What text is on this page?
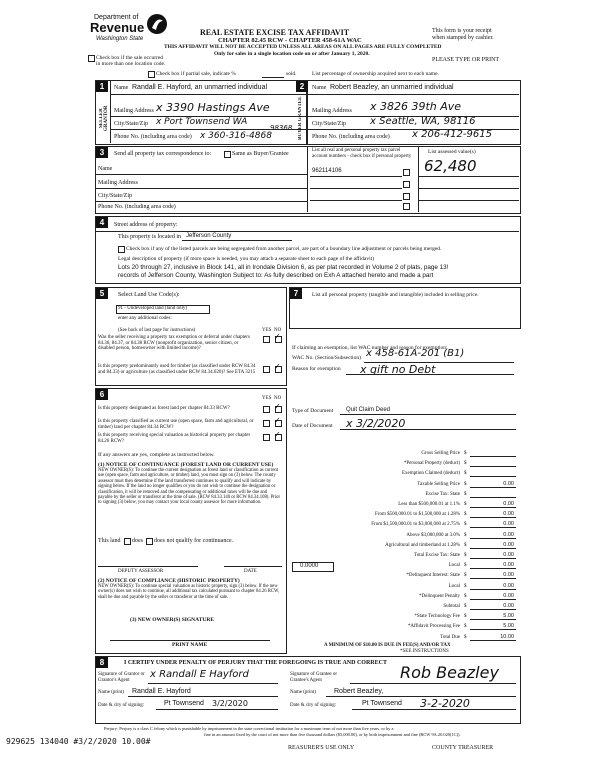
Department of
Revenue
Washington State
REAL ESTATE EXCISE TAX AFFIDAVIT
CHAPTER 82.45 RCW - CHAPTER 458-61A WAC
THIS AFFIDAVIT WILL NOT BE ACCEPTED UNLESS ALL AREAS ON ALL PAGES ARE FULLY COMPLETED
Only for sales in a single location code on or after January 1, 2020.
This form is your receipt
when stamped by cashier.
PLEASE TYPE OR PRINT
Check box if the sale occurred
in more than one location code.
Check box if partial sale, indicate %	sold.	List percentage of ownership acquired next to each name.
1
SELLER GRANTOR
Name Randall E. Hayford, an unmarried individual
Mailing Address x 3390 Hastings Ave
City/State/Zip x Port Townsend WA
98368
Phone No. (including area code) x 360-316-4868
2
BUYER GRANTEE
Name Robert Beazley, an unmarried individual
Mailing Address x 3826 39th Ave
City/State/Zip x Seattle, WA, 98116
Phone No. (including area code) x 206-412-9615
3	Send all property tax correspondence to:	Same as Buyer/Grantee
List all real and personal property tax parcel account numbers - check box if personal property
List assessed value(s)
Name
Mailing Address
City/State/Zip
Phone No. (including area code)
962114106	62,480
4	Street address of property:
This property is located in Jefferson County
Check box if any of the listed parcels are being segregated from another parcel, are part of a boundary line adjustment or parcels being merged.
Legal description of property (if more space is needed, you may attach a separate sheet to each page of the affidavit)
Lots 20 through 27, inclusive in Block 141, all in Irondale Division 6, as per plat recorded in Volume 2 of plats, page 13!
records of Jefferson County, Washington Subject to: As fully described on Exh A attached hereto and made a part
5	Select Land Use Code(s):
91 - Undeveloped land (land only)
enter any additional codes:
(See back of last page for instructions)	YES NO
Was the seller receiving a property tax exemption or deferral under chapters 84.36, 84.37, or 84.38 RCW (nonprofit organization, senior citizen, or disabled person, homeowner with limited income)?
✓
Is this property predominantly used for timber (as classified under RCW 84.34 and 84.33) or agriculture (as classified under RCW 84.34.020)? See ETA 3215
✓
7	List all personal property (tangible and intangible) included in selling price.
If claiming an exemption, list WAC number and reason for exemption:
WAC No. (Section/Subsection) x 458-61A-201 (B1)
Reason for exemption x gift no Debt
6	YES NO
Is this property designated as forest land per chapter 84.33 RCW?	✓
Is this property classified as current use (open space, farm and agricultural, or timber) land per chapter 84.34 RCW?
✓
Is this property receiving special valuation as historical property per chapter 84.26 RCW?
✓
If any answers are yes, complete as instructed below.
(1) NOTICE OF CONTINUANCE (FOREST LAND OR CURRENT USE)
NEW OWNER(S): To continue the current designation as forest land or classification as current use (open space, farm and agriculture, or timber) land, you must sign on (3) below. The county assessor must then determine if the land transferred continues to qualify and will indicate by signing below. If the land no longer qualifies or you do not wish to continue the designation or classification, it will be removed and the compensating or additional taxes will be due and payable by the seller or transferor at the time of sale. (RCW 84.33.140 or RCW 84.34.108). Prior to signing (3) below, you may contact your local county assessor for more information.
This land does does not qualify for continuance.
DEPUTY ASSESSOR	DATE
(2) NOTICE OF COMPLIANCE (HISTORIC PROPERTY)
NEW OWNER(S): To continue special valuation as historic property, sign (3) below. If the new owner(s) does not wish to continue, all additional tax calculated pursuant to chapter 84.26 RCW, shall be due and payable by the seller or transferor at the time of sale.
(3) NEW OWNER(S) SIGNATURE
PRINT NAME
Type of Document Quit Claim Deed
Date of Document x 3/2/2020
Gross Selling Price $
*Personal Property (deduct) $
Exemption Claimed (deduct) $
Taxable Selling Price $	0.00
Excise Tax: State $
Less than $500,000.01 at 1.1% $	0.00
From $500,000.01 to $1,500,000 at 1.28% $	0.00
From $1,500,000.01 to $3,000,000 at 2.75% $	0.00
Above $3,000,000 at 3.0% $	0.00
Agricultural and timberland at 1.28% $	0.00
Total Excise Tax: State $	0.00
Local $	0.00
*Delinquent Interest: State $	0.00
Local $	0.00
*Delinquent Penalty $	0.00
Subtotal $	0.00
*State Technology Fee $	5.00
*Affidavit Processing Fee $	5.00
Total Due $	10.00
0.0000
A MINIMUM OF $10.00 IS DUE IN FEE(S) AND/OR TAX
*SEE INSTRUCTIONS
8	I CERTIFY UNDER PENALTY OF PERJURY THAT THE FOREGOING IS TRUE AND CORRECT
Signature of Grantor or Grantor's Agent
x Randall E Hayford
Name (print) Randall E. Hayford
Date & city of signing:	Pt Townsend 3/2/2020
Signature of Grantee or Grantee's Agent	Rob Beazley
Name (print)	Robert Beazley,
Date & city of signing:	Pt Townsend 3-2-2020
Perjury: Perjury is a class C felony which is punishable by imprisonment in the state correctional institution for a maximum term of not more than five years, or by a
fine in an amount fixed by the court of not more than five thousand dollars ($5,000.00), or by both imprisonment and fine (RCW 9A.20.020(1C)).
929625 134040 #3/2/2020 10.00#
REASURER'S USE ONLY	COUNTY TREASURER
